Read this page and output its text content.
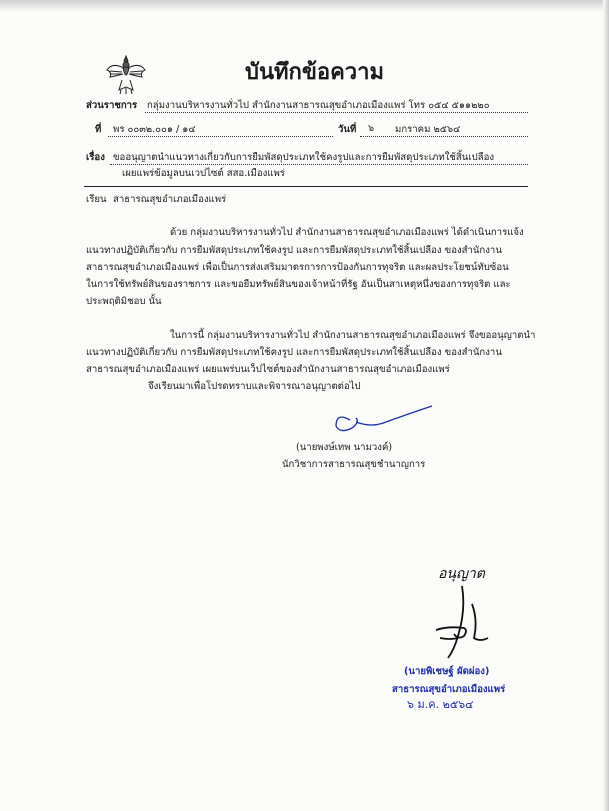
บันทึกข้อความ
ส่วนราชการ กลุ่มงานบริหารงานทั่วไป สำนักงานสาธารณสุขอำเภอเมืองแพร่ โทร ๐๕๔ ๕๑๑๒๒๐
ที่ พร ๐๐๓๒.๐๐๑ / ๑๔	วันที่ ๖ มกราคม ๒๕๖๔
เรื่อง ขออนุญาตนำแนวทางเกี่ยวกับการยืมพัสดุประเภทใช้คงรูปและการยืมพัสดุประเภทใช้สิ้นเปลือง
เผยแพร่ข้อมูลบนเวปไซต์ สสอ.เมืองแพร่
เรียน สาธารณสุขอำเภอเมืองแพร่
ด้วย กลุ่มงานบริหารงานทั่วไป สำนักงานสาธารณสุขอำเภอเมืองแพร่ ได้ดำเนินการแจ้ง
แนวทางปฏิบัติเกี่ยวกับ การยืมพัสดุประเภทใช้คงรูป และการยืมพัสดุประเภทใช้สิ้นเปลือง ของสำนักงาน
สาธารณสุขอำเภอเมืองแพร่ เพื่อเป็นการส่งเสริมมาตรการการป้องกันการทุจริต และผลประโยชน์ทับซ้อน
ในการใช้ทรัพย์สินของราชการ และขอยืมทรัพย์สินของเจ้าหน้าที่รัฐ อันเป็นสาเหตุหนึ่งของการทุจริต และ
ประพฤติมิชอบ นั้น
ในการนี้ กลุ่มงานบริหารงานทั่วไป สำนักงานสาธารณสุขอำเภอเมืองแพร่ จึงขออนุญาตนำ
แนวทางปฏิบัติเกี่ยวกับ การยืมพัสดุประเภทใช้คงรูป และการยืมพัสดุประเภทใช้สิ้นเปลือง ของสำนักงาน
สาธารณสุขอำเภอเมืองแพร่ เผยแพร่บนเว็ปไซต์ของสำนักงานสาธารณสุขอำเภอเมืองแพร่
จึงเรียนมาเพื่อโปรดทราบและพิจารณาอนุญาตต่อไป
(นายพงษ์เทพ นามวงค์)
นักวิชาการสาธารณสุขชำนาญการ
อนุญาต
(นายพิเชษฐ์ ผัดผ่อง)
สาธารณสุขอำเภอเมืองแพร่
๖ ม.ค. ๒๕๖๔
